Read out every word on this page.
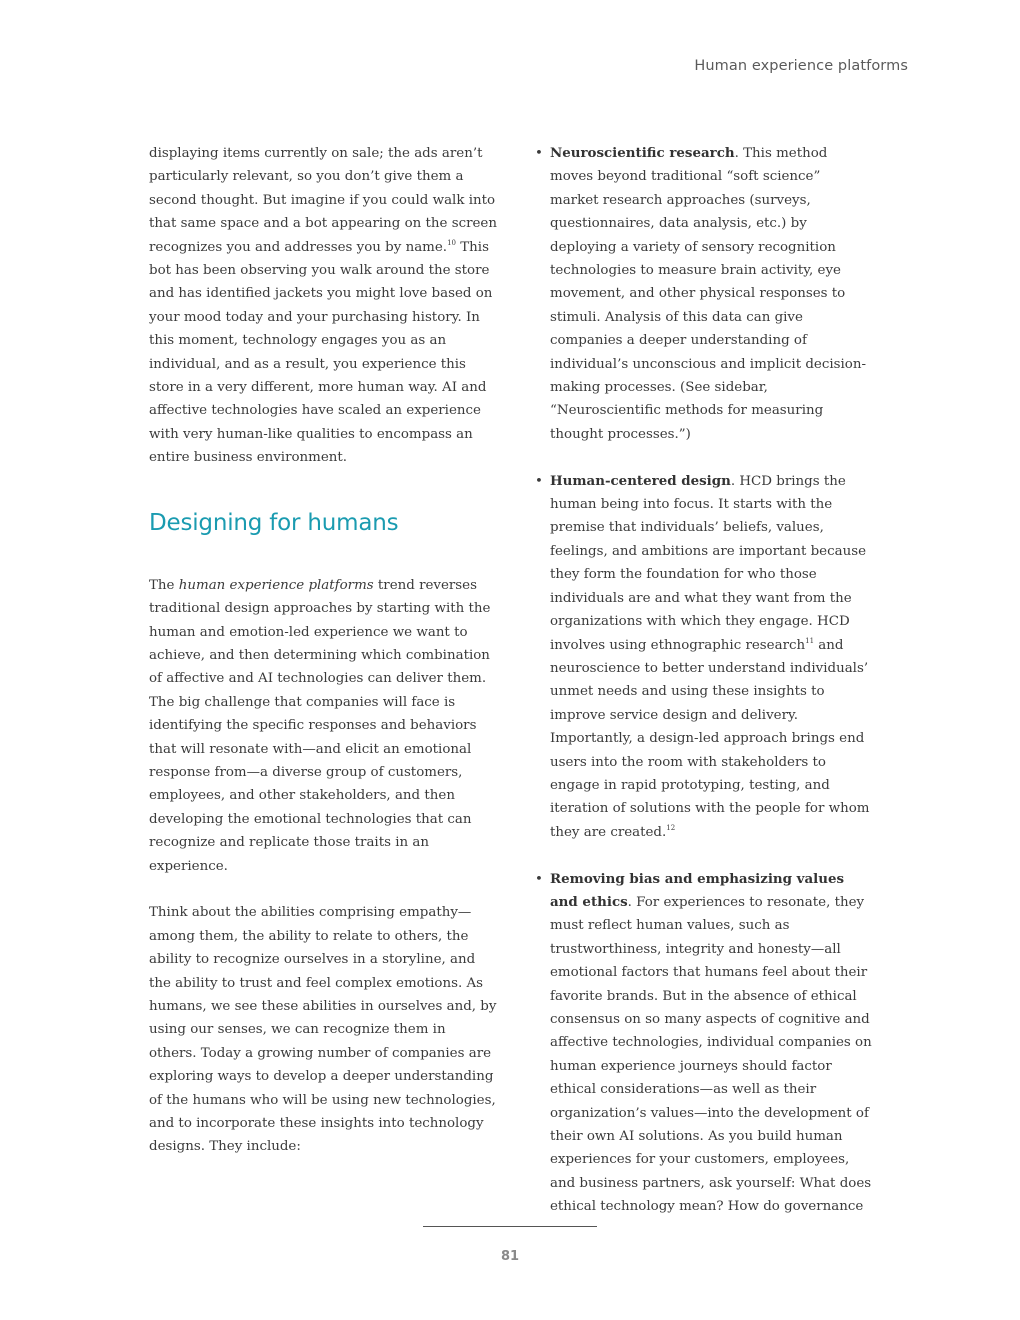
Human experience platforms

displaying items currently on sale; the ads aren’t particularly relevant, so you don’t give them a second thought. But imagine if you could walk into that same space and a bot appearing on the screen recognizes you and addresses you by name.$^{10}$ This bot has been observing you walk around the store and has identified jackets you might love based on your mood today and your purchasing history. In this moment, technology engages you as an individual, and as a result, you experience this store in a very different, more human way. AI and affective technologies have scaled an experience with very human-like qualities to encompass an entire business environment.

Designing for humans

The human experience platforms trend reverses traditional design approaches by starting with the human and emotion-led experience we want to achieve, and then determining which combination of affective and AI technologies can deliver them. The big challenge that companies will face is identifying the specific responses and behaviors that will resonate with—and elicit an emotional response from—a diverse group of customers, employees, and other stakeholders, and then developing the emotional technologies that can recognize and replicate those traits in an experience.

Think about the abilities comprising empathy—among them, the ability to relate to others, the ability to recognize ourselves in a storyline, and the ability to trust and feel complex emotions. As humans, we see these abilities in ourselves and, by using our senses, we can recognize them in others. Today a growing number of companies are exploring ways to develop a deeper understanding of the humans who will be using new technologies, and to incorporate these insights into technology designs. They include:

• Neuroscientific research. This method moves beyond traditional “soft science” market research approaches (surveys, questionnaires, data analysis, etc.) by deploying a variety of sensory recognition technologies to measure brain activity, eye movement, and other physical responses to stimuli. Analysis of this data can give companies a deeper understanding of individual’s unconscious and implicit decision-making processes. (See sidebar, “Neuroscientific methods for measuring thought processes.”)
• Human-centered design. HCD brings the human being into focus. It starts with the premise that individuals’ beliefs, values, feelings, and ambitions are important because they form the foundation for who those individuals are and what they want from the organizations with which they engage. HCD involves using ethnographic research$^{11}$ and neuroscience to better understand individuals’ unmet needs and using these insights to improve service design and delivery. Importantly, a design-led approach brings end users into the room with stakeholders to engage in rapid prototyping, testing, and iteration of solutions with the people for whom they are created.$^{12}$
• Removing bias and emphasizing values and ethics. For experiences to resonate, they must reflect human values, such as trustworthiness, integrity and honesty—all emotional factors that humans feel about their favorite brands. But in the absence of ethical consensus on so many aspects of cognitive and affective technologies, individual companies on human experience journeys should factor ethical considerations—as well as their organization’s values—into the development of their own AI solutions. As you build human experiences for your customers, employees, and business partners, ask yourself: What does ethical technology mean? How do governance
81
